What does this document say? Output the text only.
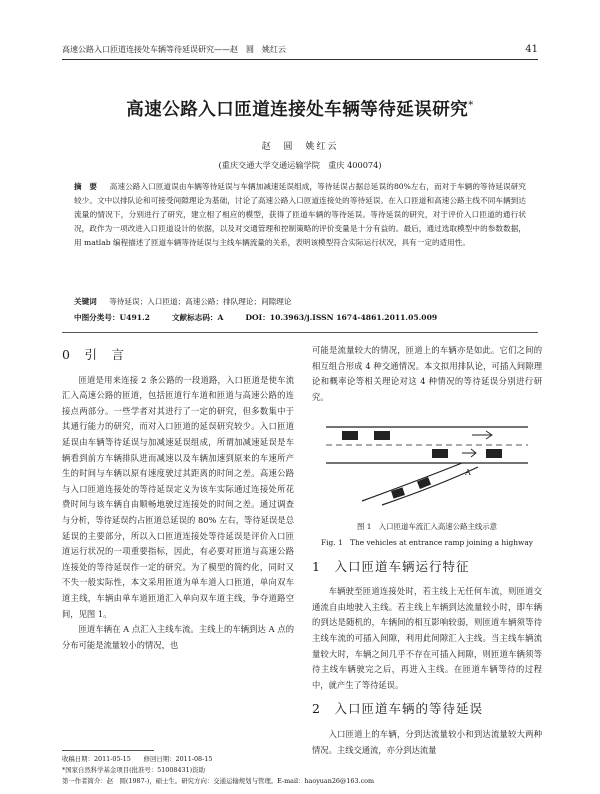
高速公路入口匝道连接处车辆等待延误研究——赵　圆　姚红云	41
高速公路入口匝道连接处车辆等待延误研究*
赵　圆　姚红云
(重庆交通大学交通运输学院　重庆 400074)
摘　要 　 高速公路入口匝道误由车辆等待延误与车辆加减速延误组成，等待延误占据总延误的80%左右，而对于车辆的等待延误研究较少。文中以排队论和可接受间隙理论为基础，讨论了高速公路入口匝道连接处的等待延误。在入口匝道和高速公路主线不同车辆到达流量的情况下，分别进行了研究，建立相了相应的模型，获得了匝道车辆的等待延误。等待延误的研究，对于评价入口匝道的通行状况，政作为一项改进入口匝道设计的依据，以及对交通管理和控制策略的评价变量是十分有益的。最后，通过选取模型中的参数数据，用 matlab 编程描述了匝道车辆等待延误与主线车辆流量的关系，表明该模型符合实际运行状况，具有一定的适用性。
关键词 　 等待延误；入口匝道；高速公路；排队理论；间隙理论
中图分类号：U491.2	文献标志码：A	DOI：10.3963/j.ISSN 1674-4861.2011.05.009
0　引　言

匝道是用来连接 2 条公路的一段道路，入口匝道是使车流汇入高速公路的匝道，包括匝道行车道和匝道与高速公路的连接点两部分。一些学者对其进行了一定的研究，但多数集中于其通行能力的研究，而对入口匝道的延误研究较少。入口匝道延误由车辆等待延误与加减速延误组成，所谓加减速延误是车辆看到前方车辆排队进而减速以及车辆加速到原来的车速所产生的时间与车辆以原有速度驶过其距离的时间之差。高速公路与入口匝道连接处的等待延误定义为该车实际通过连接处所花费时间与该车辆自由顺畅地驶过连接处的时间之差。通过调查与分析，等待延误约占匝道总延误的 80% 左右，等待延误是总延误的主要部分，所以入口匝道连接处等待延误是评价入口匝道运行状况的一项重要指标，因此，有必要对匝道与高速公路连接处的等待延误作一定的研究。为了模型的简约化，同时又不失一般实际性，本文采用匝道为单车道入口匝道，单向双车道主线，车辆由单车道匝道汇入单向双车道主线，争夺道路空间，见图 1。

匝道车辆在 A 点汇入主线车流。主线上的车辆到达 A 点的分布可能是流量较小的情况，也

可能是流量较大的情况，匝道上的车辆亦是如此。它们之间的相互组合形成 4 种交通情况。本文拟用排队论，可插入间隙理论和概率论等相关理论对这 4 种情况的等待延误分别进行研究。

A
图 1　入口匝道车流汇入高速公路主线示意
Fig. 1　The vehicles at entrance ramp joining a highway
1　入口匝道车辆运行特征

车辆驶至匝道连接处时，若主线上无任何车流，则匝道交通流自由地驶入主线。若主线上车辆到达流量较小时，即车辆的到达是随机的，车辆间的相互影响较弱，则匝道车辆须等待主线车流的可插入间隙，利用此间隙汇入主线。当主线车辆流量较大时，车辆之间几乎不存在可插入间隙，则匝道车辆须等待主线车辆驶完之后，再进入主线。在匝道车辆等待的过程中，就产生了等待延误。

2　入口匝道车辆的等待延误

入口匝道上的车辆，分到达流量较小和到达流量较大两种情况。主线交通流，亦分到达流量

收稿日期：2011-05-15　　修回日期：2011-08-15
*国家自然科学基金项目(批准号：51008431)资助
第一作者简介：赵　圆(1987-)，硕士生。研究方向：交通运输规划与管理。E-mail：haoyuan26@163.com
